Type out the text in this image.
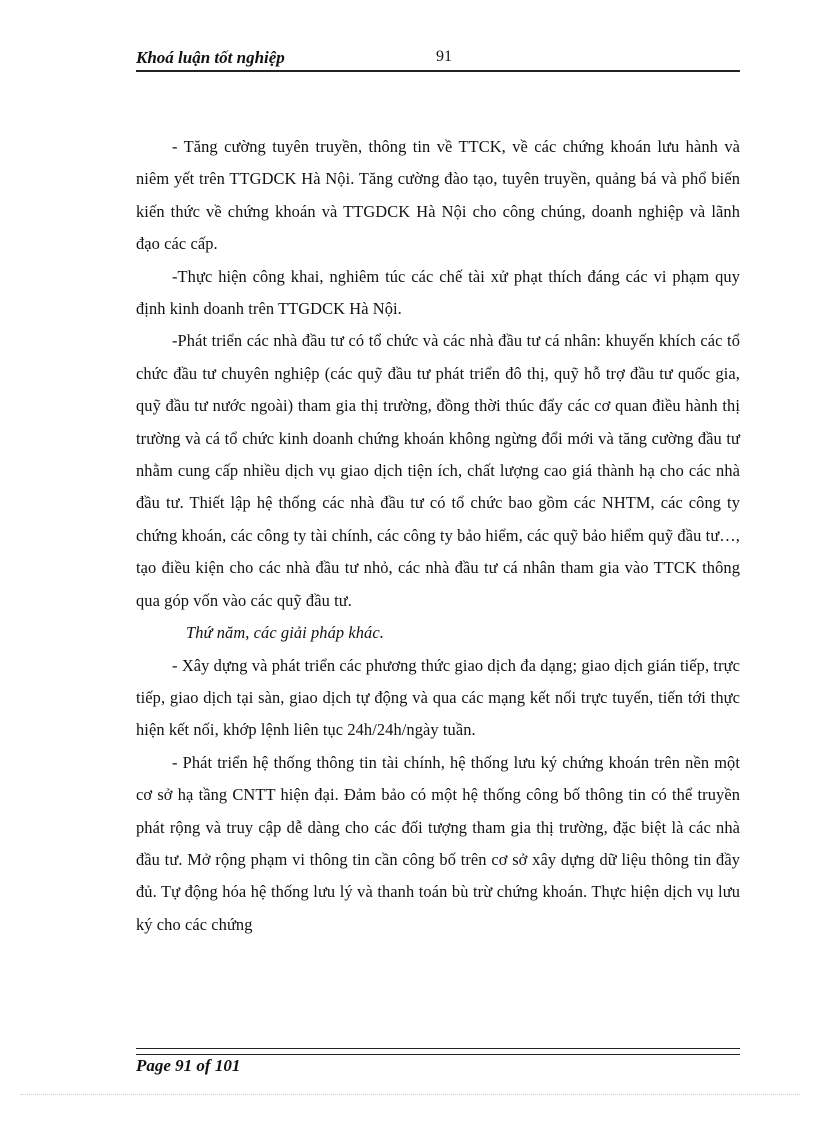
Khoá luận tốt nghiệp	91

- Tăng cường tuyên truyền, thông tin về TTCK, về các chứng khoán lưu hành và niêm yết trên TTGDCK Hà Nội. Tăng cường đào tạo, tuyên truyền, quảng bá và phổ biến kiến thức về chứng khoán và TTGDCK Hà Nội cho công chúng, doanh nghiệp và lãnh đạo các cấp.

-Thực hiện công khai, nghiêm túc các chế tài xử phạt thích đáng các vi phạm quy định kinh doanh trên TTGDCK Hà Nội.

-Phát triển các nhà đầu tư có tổ chức và các nhà đầu tư cá nhân: khuyến khích các tổ chức đầu tư chuyên nghiệp (các quỹ đầu tư phát triển đô thị, quỹ hỗ trợ đầu tư quốc gia, quỹ đầu tư nước ngoài) tham gia thị trường, đồng thời thúc đẩy các cơ quan điều hành thị trường và cá tổ chức kinh doanh chứng khoán không ngừng đổi mới và tăng cường đầu tư nhằm cung cấp nhiều dịch vụ giao dịch tiện ích, chất lượng cao giá thành hạ cho các nhà đầu tư. Thiết lập hệ thống các nhà đầu tư có tổ chức bao gồm các NHTM, các công ty chứng khoán, các công ty tài chính, các công ty bảo hiểm, các quỹ bảo hiểm quỹ đầu tư…, tạo điều kiện cho các nhà đầu tư nhỏ, các nhà đầu tư cá nhân tham gia vào TTCK thông qua góp vốn vào các quỹ đầu tư.

Thứ năm, các giải pháp khác.

- Xây dựng và phát triển các phương thức giao dịch đa dạng; giao dịch gián tiếp, trực tiếp, giao dịch tại sàn, giao dịch tự động và qua các mạng kết nối trực tuyến, tiến tới thực hiện kết nối, khớp lệnh liên tục 24h/24h/ngày tuần.

- Phát triển hệ thống thông tin tài chính, hệ thống lưu ký chứng khoán trên nền một cơ sở hạ tầng CNTT hiện đại. Đảm bảo có một hệ thống công bố thông tin có thể truyền phát rộng và truy cập dễ dàng cho các đối tượng tham gia thị trường, đặc biệt là các nhà đầu tư. Mở rộng phạm vi thông tin cần công bố trên cơ sở xây dựng dữ liệu thông tin đầy đủ. Tự động hóa hệ thống lưu lý và thanh toán bù trừ chứng khoán. Thực hiện dịch vụ lưu ký cho các chứng

Page 91 of 101
